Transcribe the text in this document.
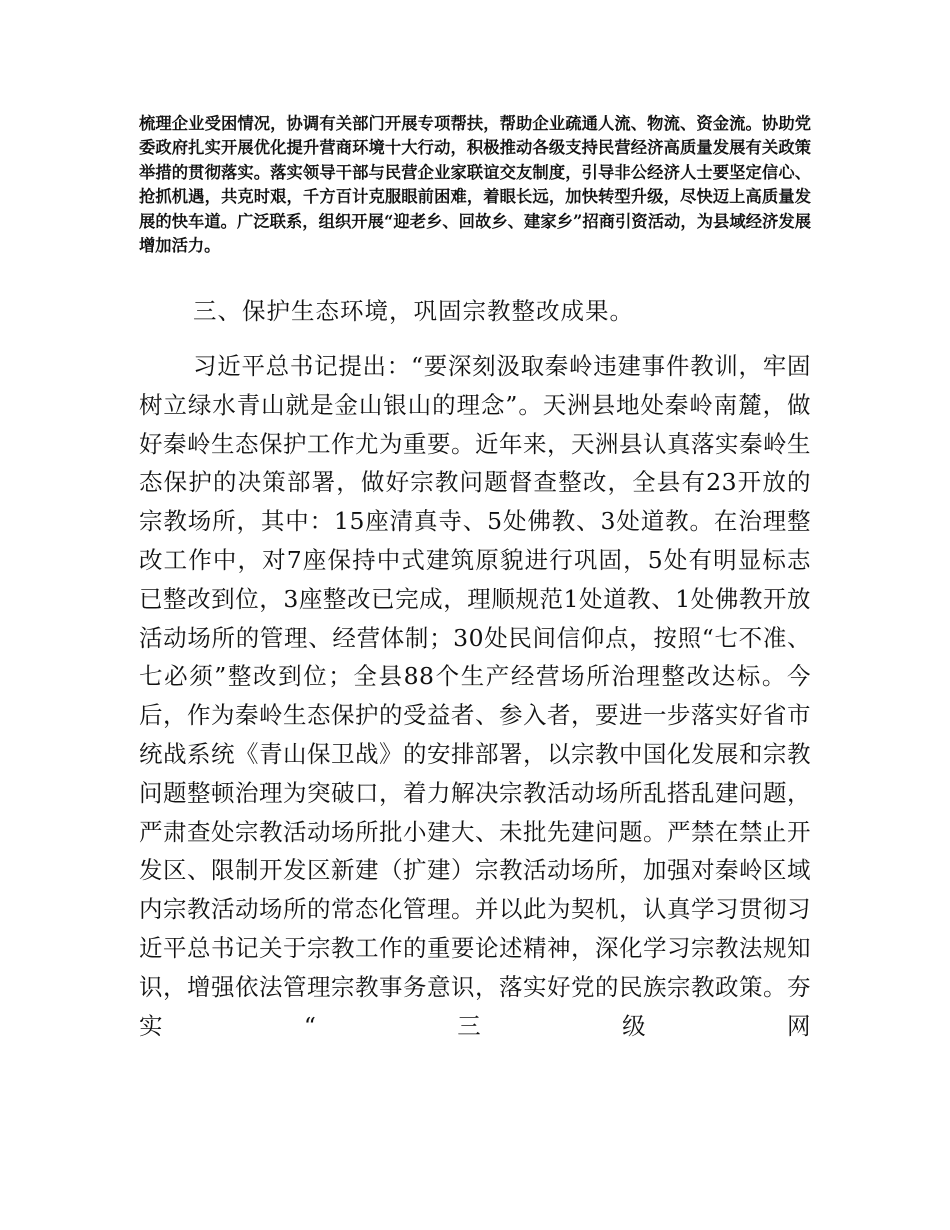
梳理企业受困情况，协调有关部门开展专项帮扶，帮助企业疏通人流、物流、资金流。协助党委政府扎实开展优化提升营商环境十大行动，积极推动各级支持民营经济高质量发展有关政策举措的贯彻落实。落实领导干部与民营企业家联谊交友制度，引导非公经济人士要坚定信心、抢抓机遇，共克时艰，千方百计克服眼前困难，着眼长远，加快转型升级，尽快迈上高质量发展的快车道。广泛联系，组织开展“迎老乡、回故乡、建家乡”招商引资活动，为县域经济发展增加活力。

三、保护生态环境，巩固宗教整改成果。

习近平总书记提出：“要深刻汲取秦岭违建事件教训，牢固树立绿水青山就是金山银山的理念”。天洲县地处秦岭南麓，做好秦岭生态保护工作尤为重要。近年来，天洲县认真落实秦岭生态保护的决策部署，做好宗教问题督查整改，全县有23开放的宗教场所，其中：15座清真寺、5处佛教、3处道教。在治理整改工作中，对7座保持中式建筑原貌进行巩固，5处有明显标志已整改到位，3座整改已完成，理顺规范1处道教、1处佛教开放活动场所的管理、经营体制；30处民间信仰点，按照“七不准、七必须”整改到位；全县88个生产经营场所治理整改达标。今后，作为秦岭生态保护的受益者、参入者，要进一步落实好省市统战系统《青山保卫战》的安排部署，以宗教中国化发展和宗教问题整顿治理为突破口，着力解决宗教活动场所乱搭乱建问题，严肃查处宗教活动场所批小建大、未批先建问题。严禁在禁止开发区、限制开发区新建（扩建）宗教活动场所，加强对秦岭区域内宗教活动场所的常态化管理。并以此为契机，认真学习贯彻习近平总书记关于宗教工作的重要论述精神，深化学习宗教法规知识，增强依法管理宗教事务意识，落实好党的民族宗教政策。夯实“三级网
